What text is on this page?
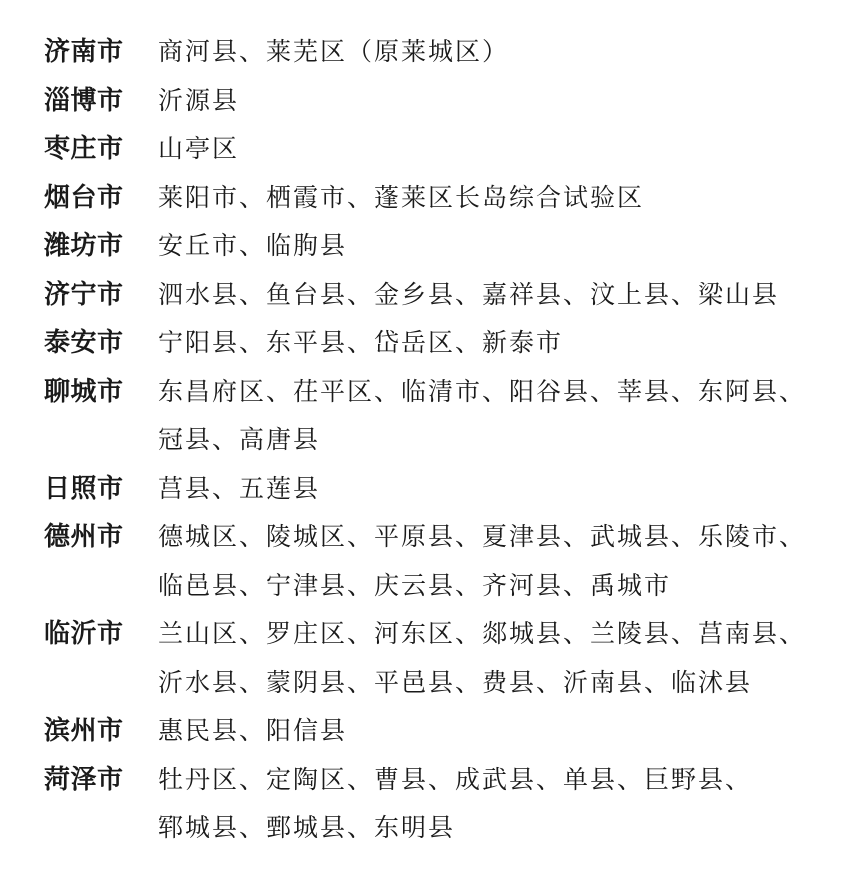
济南市	商河县、莱芜区（原莱城区）
淄博市	沂源县
枣庄市	山亭区
烟台市	莱阳市、栖霞市、蓬莱区长岛综合试验区
潍坊市	安丘市、临朐县
济宁市	泗水县、鱼台县、金乡县、嘉祥县、汶上县、梁山县
泰安市	宁阳县、东平县、岱岳区、新泰市
聊城市	东昌府区、茌平区、临清市、阳谷县、莘县、东阿县、
冠县、高唐县
日照市	莒县、五莲县
德州市	德城区、陵城区、平原县、夏津县、武城县、乐陵市、
临邑县、宁津县、庆云县、齐河县、禹城市
临沂市	兰山区、罗庄区、河东区、郯城县、兰陵县、莒南县、
沂水县、蒙阴县、平邑县、费县、沂南县、临沭县
滨州市	惠民县、阳信县
菏泽市	牡丹区、定陶区、曹县、成武县、单县、巨野县、
郓城县、鄄城县、东明县
